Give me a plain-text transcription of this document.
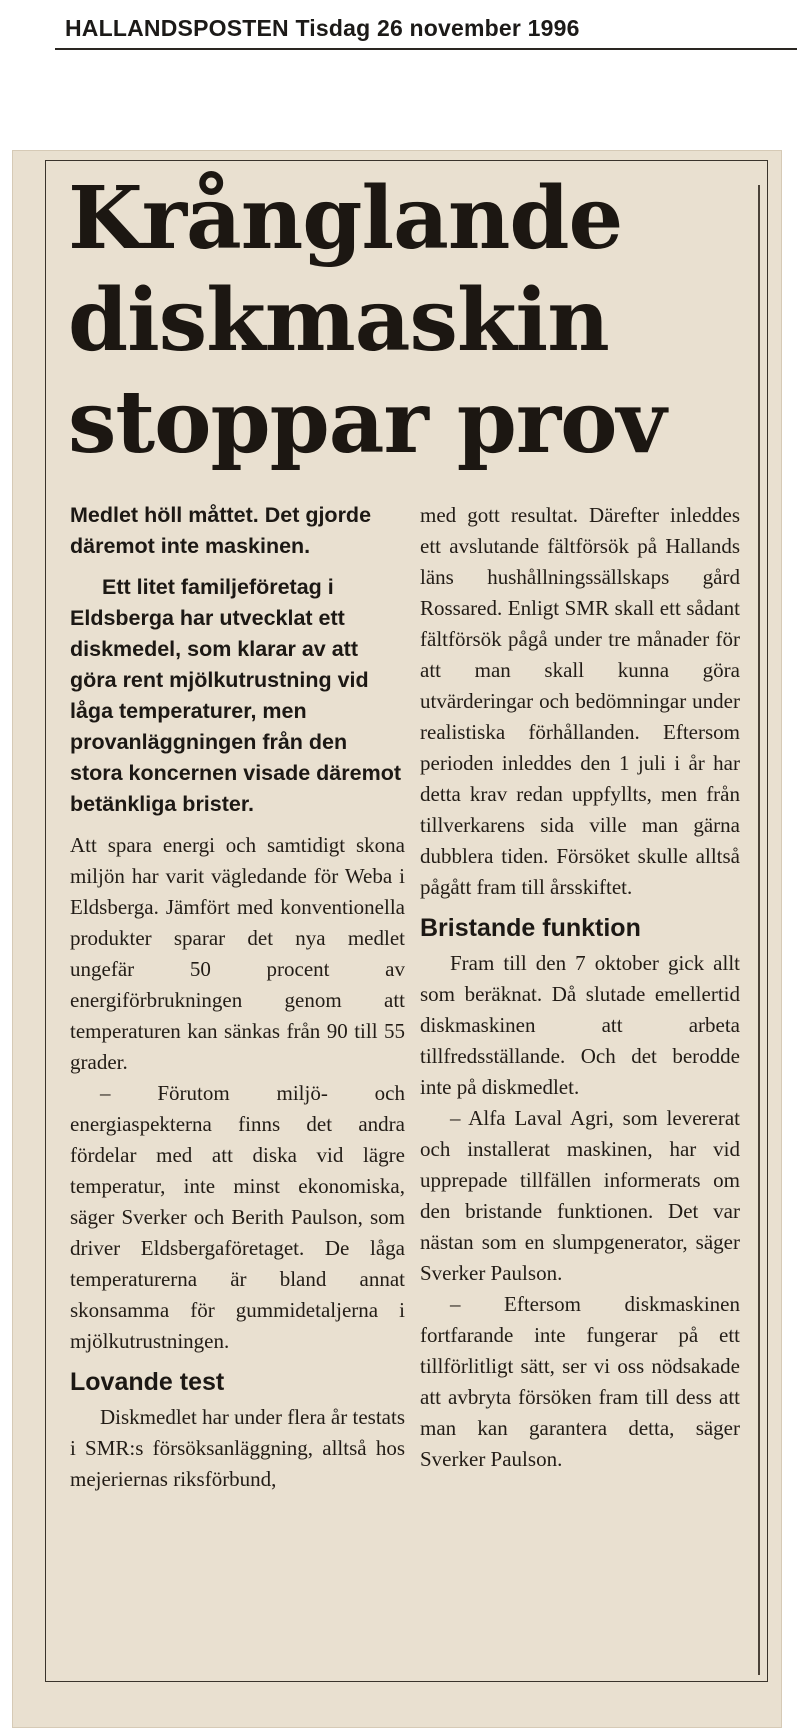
HALLANDSPOSTEN Tisdag 26 november 1996
Krånglande
diskmaskin
stoppar prov

Medlet höll måttet. Det gjorde däremot inte maskinen.

Ett litet familjeföretag i Eldsberga har utvecklat ett diskmedel, som klarar av att göra rent mjölkutrustning vid låga temperaturer, men provanläggningen från den stora koncernen visade däremot betänkliga brister.

Att spara energi och samtidigt skona miljön har varit vägledande för Weba i Eldsberga. Jämfört med konventionella produkter sparar det nya medlet ungefär 50 procent av energiförbrukningen genom att temperaturen kan sänkas från 90 till 55 grader.

– Förutom miljö- och energiaspekterna finns det andra fördelar med att diska vid lägre temperatur, inte minst ekonomiska, säger Sverker och Berith Paulson, som driver Eldsbergaföretaget. De låga temperaturerna är bland annat skonsamma för gummidetaljerna i mjölkutrustningen.

Lovande test

Diskmedlet har under flera år testats i SMR:s försöksanläggning, alltså hos mejeriernas riksförbund,

med gott resultat. Därefter inleddes ett avslutande fältförsök på Hallands läns hushållningssällskaps gård Rossared. Enligt SMR skall ett sådant fältförsök pågå under tre månader för att man skall kunna göra utvärderingar och bedömningar under realistiska förhållanden. Eftersom perioden inleddes den 1 juli i år har detta krav redan uppfyllts, men från tillverkarens sida ville man gärna dubblera tiden. Försöket skulle alltså pågått fram till årsskiftet.

Bristande funktion

Fram till den 7 oktober gick allt som beräknat. Då slutade emellertid diskmaskinen att arbeta tillfredsställande. Och det berodde inte på diskmedlet.

– Alfa Laval Agri, som levererat och installerat maskinen, har vid upprepade tillfällen informerats om den bristande funktionen. Det var nästan som en slumpgenerator, säger Sverker Paulson.

– Eftersom diskmaskinen fortfarande inte fungerar på ett tillförlitligt sätt, ser vi oss nödsakade att avbryta försöken fram till dess att man kan garantera detta, säger Sverker Paulson.
